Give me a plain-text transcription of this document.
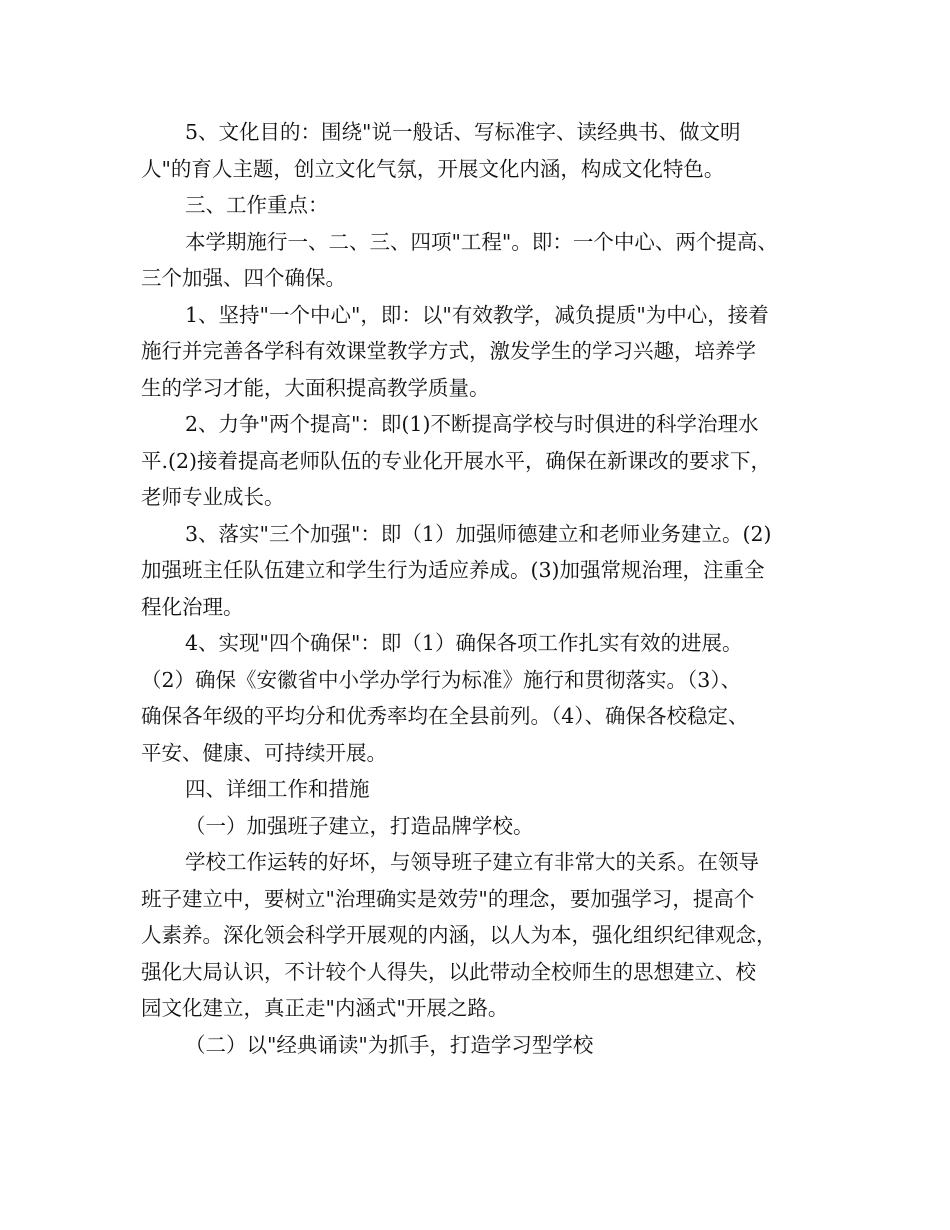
5、文化目的：围绕"说一般话、写标准字、读经典书、做文明
人"的育人主题，创立文化气氛，开展文化内涵，构成文化特色。
三、工作重点：
本学期施行一、二、三、四项"工程"。即：一个中心、两个提高、
三个加强、四个确保。
1、坚持"一个中心"，即：以"有效教学，减负提质"为中心，接着
施行并完善各学科有效课堂教学方式，激发学生的学习兴趣，培养学
生的学习才能，大面积提高教学质量。
2、力争"两个提高"：即(1)不断提高学校与时俱进的科学治理水
平.(2)接着提高老师队伍的专业化开展水平，确保在新课改的要求下，
老师专业成长。
3、落实"三个加强"：即（1）加强师德建立和老师业务建立。(2)
加强班主任队伍建立和学生行为适应养成。(3)加强常规治理，注重全
程化治理。
4、实现"四个确保"：即（1）确保各项工作扎实有效的进展。
（2）确保《安徽省中小学办学行为标准》施行和贯彻落实。（3）、
确保各年级的平均分和优秀率均在全县前列。（4）、确保各校稳定、
平安、健康、可持续开展。
四、详细工作和措施
（一）加强班子建立，打造品牌学校。
学校工作运转的好坏，与领导班子建立有非常大的关系。在领导
班子建立中，要树立"治理确实是效劳"的理念，要加强学习，提高个
人素养。深化领会科学开展观的内涵，以人为本，强化组织纪律观念，
强化大局认识，不计较个人得失，以此带动全校师生的思想建立、校
园文化建立，真正走"内涵式"开展之路。
（二）以"经典诵读"为抓手，打造学习型学校
